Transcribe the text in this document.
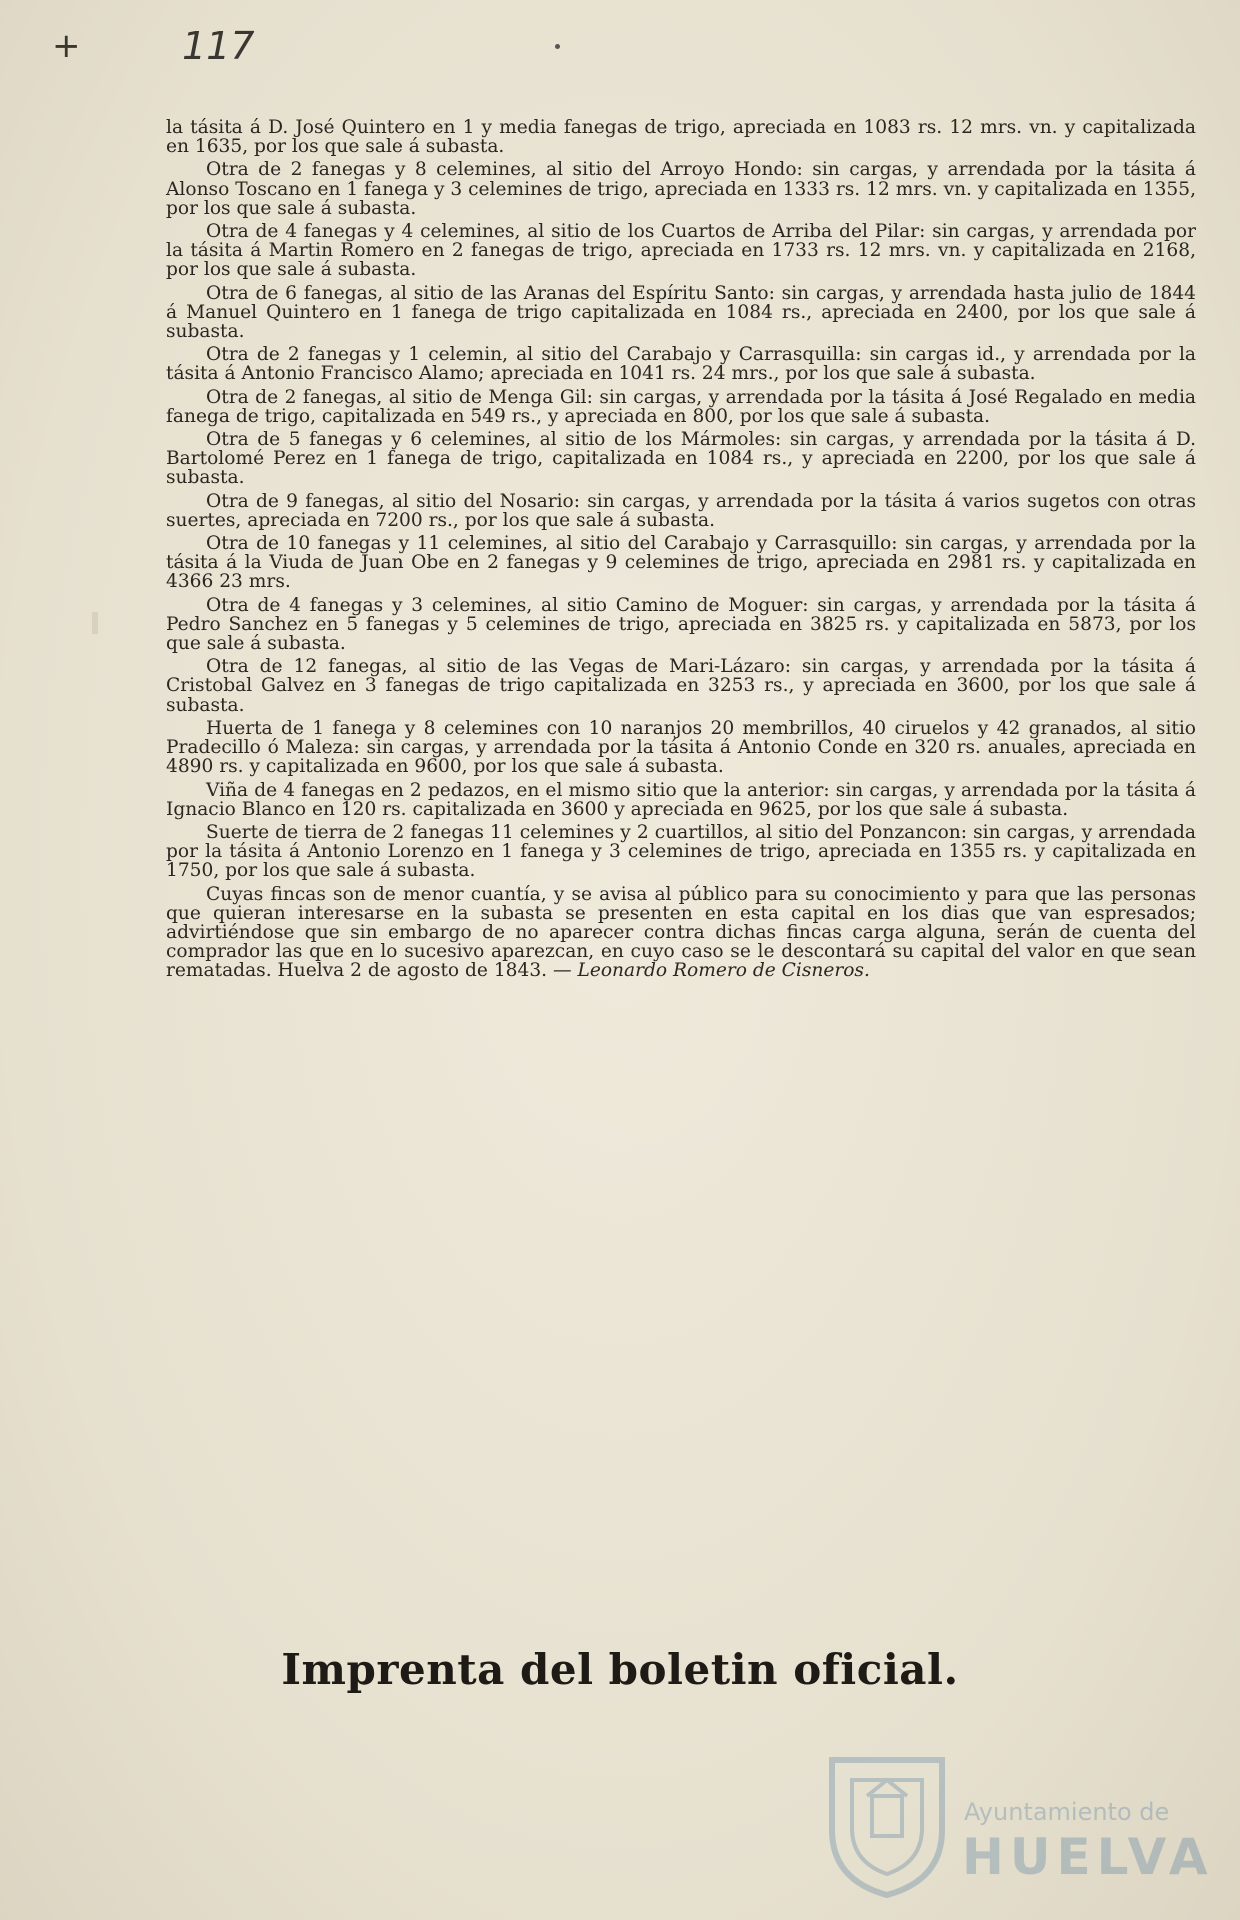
+	117

la tásita á D. José Quintero en 1 y media fanegas de trigo, apreciada en 1083 rs. 12 mrs. vn. y capitalizada en 1635, por los que sale á subasta.

Otra de 2 fanegas y 8 celemines, al sitio del Arroyo Hondo: sin cargas, y arrendada por la tásita á Alonso Toscano en 1 fanega y 3 celemines de trigo, apreciada en 1333 rs. 12 mrs. vn. y capitalizada en 1355, por los que sale á subasta.

Otra de 4 fanegas y 4 celemines, al sitio de los Cuartos de Arriba del Pilar: sin cargas, y arrendada por la tásita á Martin Romero en 2 fanegas de trigo, apreciada en 1733 rs. 12 mrs. vn. y capitalizada en 2168, por los que sale á subasta.

Otra de 6 fanegas, al sitio de las Aranas del Espíritu Santo: sin cargas, y arrendada hasta julio de 1844 á Manuel Quintero en 1 fanega de trigo capitalizada en 1084 rs., apreciada en 2400, por los que sale á subasta.

Otra de 2 fanegas y 1 celemin, al sitio del Carabajo y Carrasquilla: sin cargas id., y arrendada por la tásita á Antonio Francisco Alamo; apreciada en 1041 rs. 24 mrs., por los que sale á subasta.

Otra de 2 fanegas, al sitio de Menga Gil: sin cargas, y arrendada por la tásita á José Regalado en media fanega de trigo, capitalizada en 549 rs., y apreciada en 800, por los que sale á subasta.

Otra de 5 fanegas y 6 celemines, al sitio de los Mármoles: sin cargas, y arrendada por la tásita á D. Bartolomé Perez en 1 fanega de trigo, capitalizada en 1084 rs., y apreciada en 2200, por los que sale á subasta.

Otra de 9 fanegas, al sitio del Nosario: sin cargas, y arrendada por la tásita á varios sugetos con otras suertes, apreciada en 7200 rs., por los que sale á subasta.

Otra de 10 fanegas y 11 celemines, al sitio del Carabajo y Carrasquillo: sin cargas, y arrendada por la tásita á la Viuda de Juan Obe en 2 fanegas y 9 celemines de trigo, apreciada en 2981 rs. y capitalizada en 4366 23 mrs.

Otra de 4 fanegas y 3 celemines, al sitio Camino de Moguer: sin cargas, y arrendada por la tásita á Pedro Sanchez en 5 fanegas y 5 celemines de trigo, apreciada en 3825 rs. y capitalizada en 5873, por los que sale á subasta.

Otra de 12 fanegas, al sitio de las Vegas de Mari-Lázaro: sin cargas, y arrendada por la tásita á Cristobal Galvez en 3 fanegas de trigo capitalizada en 3253 rs., y apreciada en 3600, por los que sale á subasta.

Huerta de 1 fanega y 8 celemines con 10 naranjos 20 membrillos, 40 ciruelos y 42 granados, al sitio Pradecillo ó Maleza: sin cargas, y arrendada por la tásita á Antonio Conde en 320 rs. anuales, apreciada en 4890 rs. y capitalizada en 9600, por los que sale á subasta.

Viña de 4 fanegas en 2 pedazos, en el mismo sitio que la anterior: sin cargas, y arrendada por la tásita á Ignacio Blanco en 120 rs. capitalizada en 3600 y apreciada en 9625, por los que sale á subasta.

Suerte de tierra de 2 fanegas 11 celemines y 2 cuartillos, al sitio del Ponzancon: sin cargas, y arrendada por la tásita á Antonio Lorenzo en 1 fanega y 3 celemines de trigo, apreciada en 1355 rs. y capitalizada en 1750, por los que sale á subasta.

Cuyas fincas son de menor cuantía, y se avisa al público para su conocimiento y para que las personas que quieran interesarse en la subasta se presenten en esta capital en los dias que van espresados; advirtiéndose que sin embargo de no aparecer contra dichas fincas carga alguna, serán de cuenta del comprador las que en lo sucesivo aparezcan, en cuyo caso se le descontará su capital del valor en que sean rematadas. Huelva 2 de agosto de 1843. — Leonardo Romero de Cisneros.

Imprenta del boletin oficial.
Ayuntamiento de
HUELVA
